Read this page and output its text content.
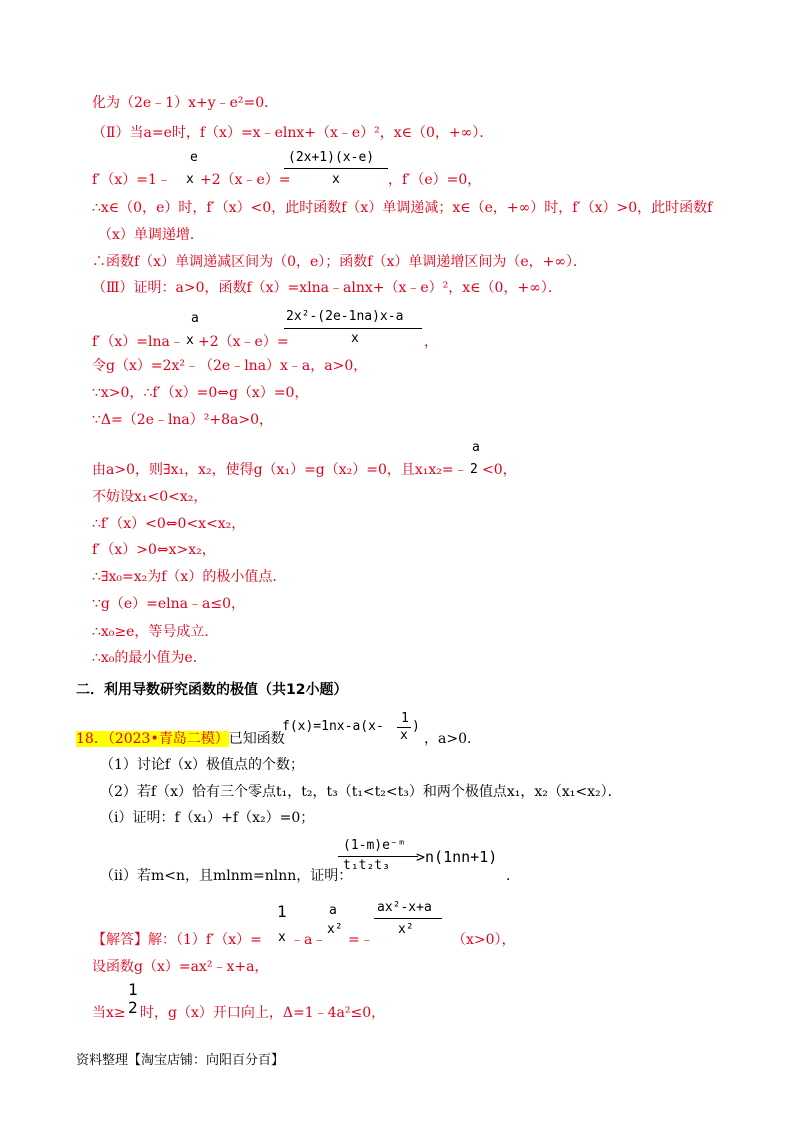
化为（2e﹣1）x+y﹣e²=0．
（Ⅱ）当a=e时，f（x）=x﹣elnx+（x﹣e）²，x∈（0，+∞）．
e
f′（x）=1﹣ x +2（x﹣e）=
(2x+1)(x-e)
x	，f′（e）=0，
∴x∈（0，e）时，f′（x）<0，此时函数f（x）单调递减；x∈（e，+∞）时，f′（x）>0，此时函数f
（x）单调递增．
∴函数f（x）单调递减区间为（0，e）；函数f（x）单调递增区间为（e，+∞）．
（Ⅲ）证明：a>0，函数f（x）=xlna﹣alnx+（x﹣e）²，x∈（0，+∞）．
a
f′（x）=lna﹣ x +2（x﹣e）=
2x²-(2e-1na)x-a
x	，
令g（x）=2x²﹣（2e﹣lna）x﹣a，a>0，
∵x>0，∴f′（x）=0⇔g（x）=0，
∵Δ=（2e﹣lna）²+8a>0，
a
由a>0，则∃x₁，x₂，使得g（x₁）=g（x₂）=0，且x₁x₂=﹣ 2 <0，
不妨设x₁<0<x₂，
∴f′（x）<0⇔0<x<x₂，
f′（x）>0⇔x>x₂，
∴∃x₀=x₂为f（x）的极小值点．
∵g（e）=elna﹣a≤0，
∴x₀≥e，等号成立．
∴x₀的最小值为e．
二．利用导数研究函数的极值（共12小题）
f(x)=1nx-a(x-
1
x
)
18．（2023•青岛二模）已知函数	，a>0．
（1）讨论f（x）极值点的个数；
（2）若f（x）恰有三个零点t₁，t₂，t₃（t₁<t₂<t₃）和两个极值点x₁，x₂（x₁<x₂）．
（ⅰ）证明：f（x₁）+f（x₂）=0；
(1-m)e⁻ᵐ
t₁t₂t₃ >n(1nn+1)
（ⅱ）若m<n，且mlnm=nlnn，证明：	．
1	a	ax²-x+a
【解答】解：（1）f′（x）= x ﹣a﹣
x²
=﹣
x²
（x>0），
设函数g（x）=ax²﹣x+a，
1
当x≥ 2 时，g（x）开口向上，Δ=1﹣4a²≤0，
资料整理【淘宝店铺：向阳百分百】
